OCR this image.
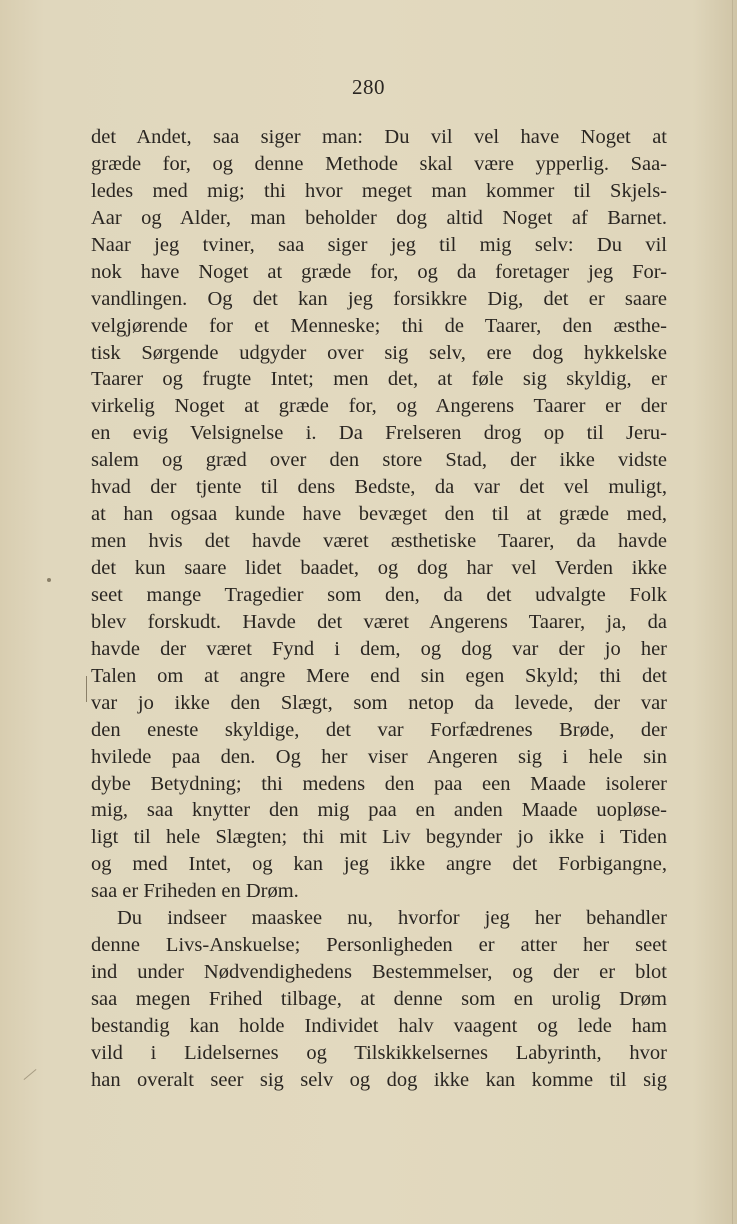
280
det Andet, saa siger man: Du vil vel have Noget at
græde for, og denne Methode skal være ypperlig. Saa-
ledes med mig; thi hvor meget man kommer til Skjels-
Aar og Alder, man beholder dog altid Noget af Barnet.
Naar jeg tviner, saa siger jeg til mig selv: Du vil
nok have Noget at græde for, og da foretager jeg For-
vandlingen. Og det kan jeg forsikkre Dig, det er saare
velgjørende for et Menneske; thi de Taarer, den æsthe-
tisk Sørgende udgyder over sig selv, ere dog hykkelske
Taarer og frugte Intet; men det, at føle sig skyldig, er
virkelig Noget at græde for, og Angerens Taarer er der
en evig Velsignelse i. Da Frelseren drog op til Jeru-
salem og græd over den store Stad, der ikke vidste
hvad der tjente til dens Bedste, da var det vel muligt,
at han ogsaa kunde have bevæget den til at græde med,
men hvis det havde været æsthetiske Taarer, da havde
det kun saare lidet baadet, og dog har vel Verden ikke
seet mange Tragedier som den, da det udvalgte Folk
blev forskudt. Havde det været Angerens Taarer, ja, da
havde der været Fynd i dem, og dog var der jo her
Talen om at angre Mere end sin egen Skyld; thi det
var jo ikke den Slægt, som netop da levede, der var
den eneste skyldige, det var Forfædrenes Brøde, der
hvilede paa den. Og her viser Angeren sig i hele sin
dybe Betydning; thi medens den paa een Maade isolerer
mig, saa knytter den mig paa en anden Maade uopløse-
ligt til hele Slægten; thi mit Liv begynder jo ikke i Tiden
og med Intet, og kan jeg ikke angre det Forbigangne,
saa er Friheden en Drøm.
Du indseer maaskee nu, hvorfor jeg her behandler
denne Livs-Anskuelse; Personligheden er atter her seet
ind under Nødvendighedens Bestemmelser, og der er blot
saa megen Frihed tilbage, at denne som en urolig Drøm
bestandig kan holde Individet halv vaagent og lede ham
vild i Lidelsernes og Tilskikkelsernes Labyrinth, hvor
han overalt seer sig selv og dog ikke kan komme til sig
